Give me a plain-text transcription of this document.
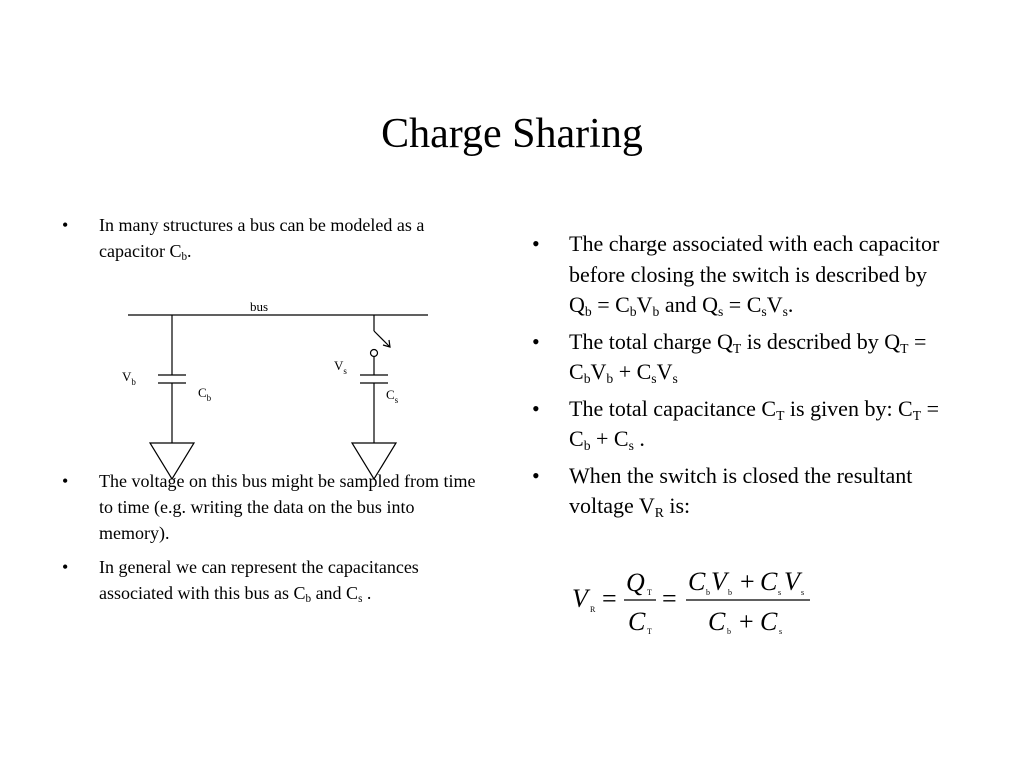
Charge Sharing
• In many structures a bus can be modeled as a capacitor $C_b$.
bus
$V_b$
$C_b$
$V_s$
$C_s$
• The voltage on this bus might be sampled from time to time (e.g. writing the data on the bus into memory).
• In general we can represent the capacitances associated with this bus as $C_b$ and $C_s$ .
• The charge associated with each capacitor before closing the switch is described by $Q_b = C_bV_b$ and $Q_s = C_sV_s$.
• The total charge $Q_T$ is described by $Q_T = C_bV_b + C_sV_s$
• The total capacitance $C_T$ is given by: $C_T = C_b + C_s$ .
• When the switch is closed the resultant voltage $V_R$ is:
V R
Q T
C T
C b V b C s V s
C b C s
= =
+
+
